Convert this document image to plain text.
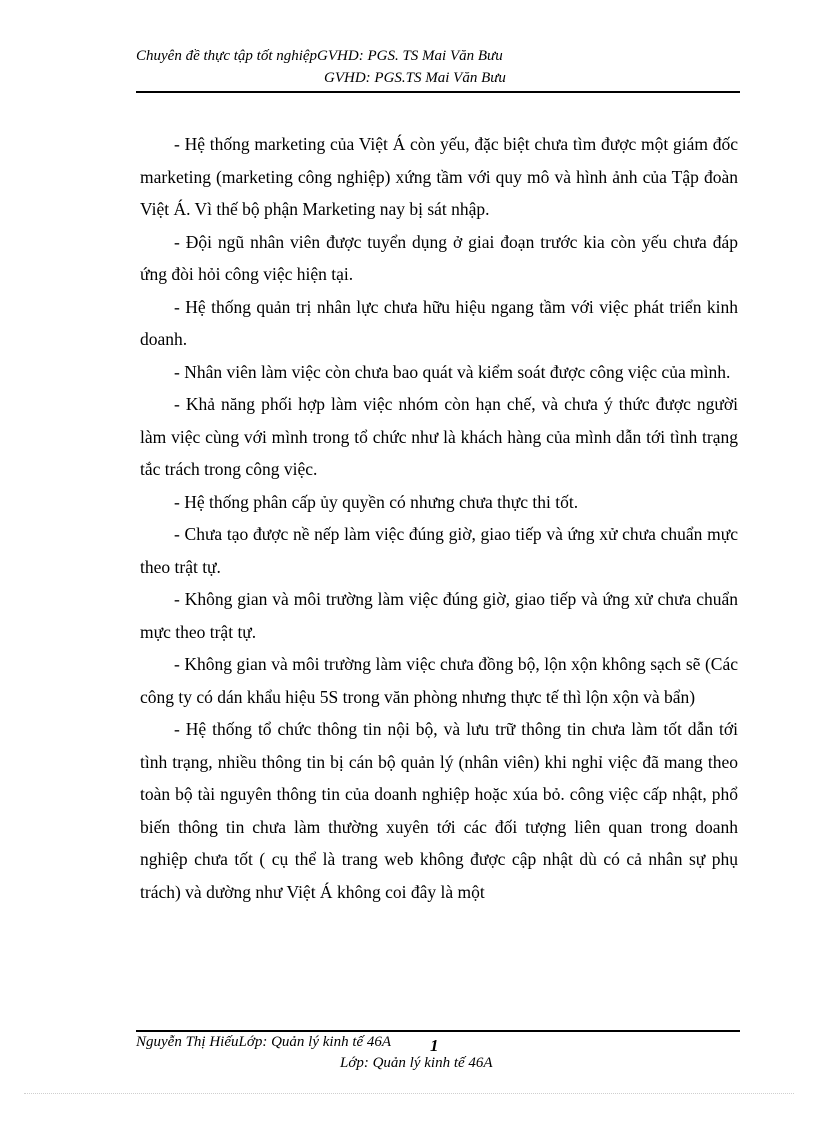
Chuyên đề thực tập tốt nghiệpGVHD: PGS. TS Mai Văn Bưu
GVHD: PGS.TS Mai Văn Bưu

- Hệ thống marketing của Việt Á còn yếu, đặc biệt chưa tìm được một giám đốc marketing (marketing công nghiệp) xứng tầm với quy mô và hình ảnh của Tập đoàn Việt Á. Vì thế bộ phận Marketing nay bị sát nhập.

- Đội ngũ nhân viên được tuyển dụng ở giai đoạn trước kia còn yếu chưa đáp ứng đòi hỏi công việc hiện tại.

- Hệ thống quản trị nhân lực chưa hữu hiệu ngang tầm với việc phát triển kinh doanh.

- Nhân viên làm việc còn chưa bao quát và kiểm soát được công việc của mình.

- Khả năng phối hợp làm việc nhóm còn hạn chế, và chưa ý thức được người làm việc cùng với mình trong tổ chức như là khách hàng của mình dẫn tới tình trạng tắc trách trong công việc.

- Hệ thống phân cấp ủy quyền có nhưng chưa thực thi tốt.

- Chưa tạo được nề nếp làm việc đúng giờ, giao tiếp và ứng xử chưa chuẩn mực theo trật tự.

- Không gian và môi trường làm việc đúng giờ, giao tiếp và ứng xử chưa chuẩn mực theo trật tự.

- Không gian và môi trường làm việc chưa đồng bộ, lộn xộn không sạch sẽ (Các công ty có dán khẩu hiệu 5S trong văn phòng nhưng thực tế thì lộn xộn và bẩn)

- Hệ thống tổ chức thông tin nội bộ, và lưu trữ thông tin chưa làm tốt dẫn tới tình trạng, nhiều thông tin bị cán bộ quản lý (nhân viên) khi nghỉ việc đã mang theo toàn bộ tài nguyên thông tin của doanh nghiệp hoặc xúa bỏ. công việc cấp nhật, phổ biến thông tin chưa làm thường xuyên tới các đối tượng liên quan trong doanh nghiệp chưa tốt ( cụ thể là trang web không được cập nhật dù có cả nhân sự phụ trách) và dường như Việt Á không coi đây là một

Nguyễn Thị HiếuLớp: Quản lý kinh tế 46A 1
Lớp: Quản lý kinh tế 46A
